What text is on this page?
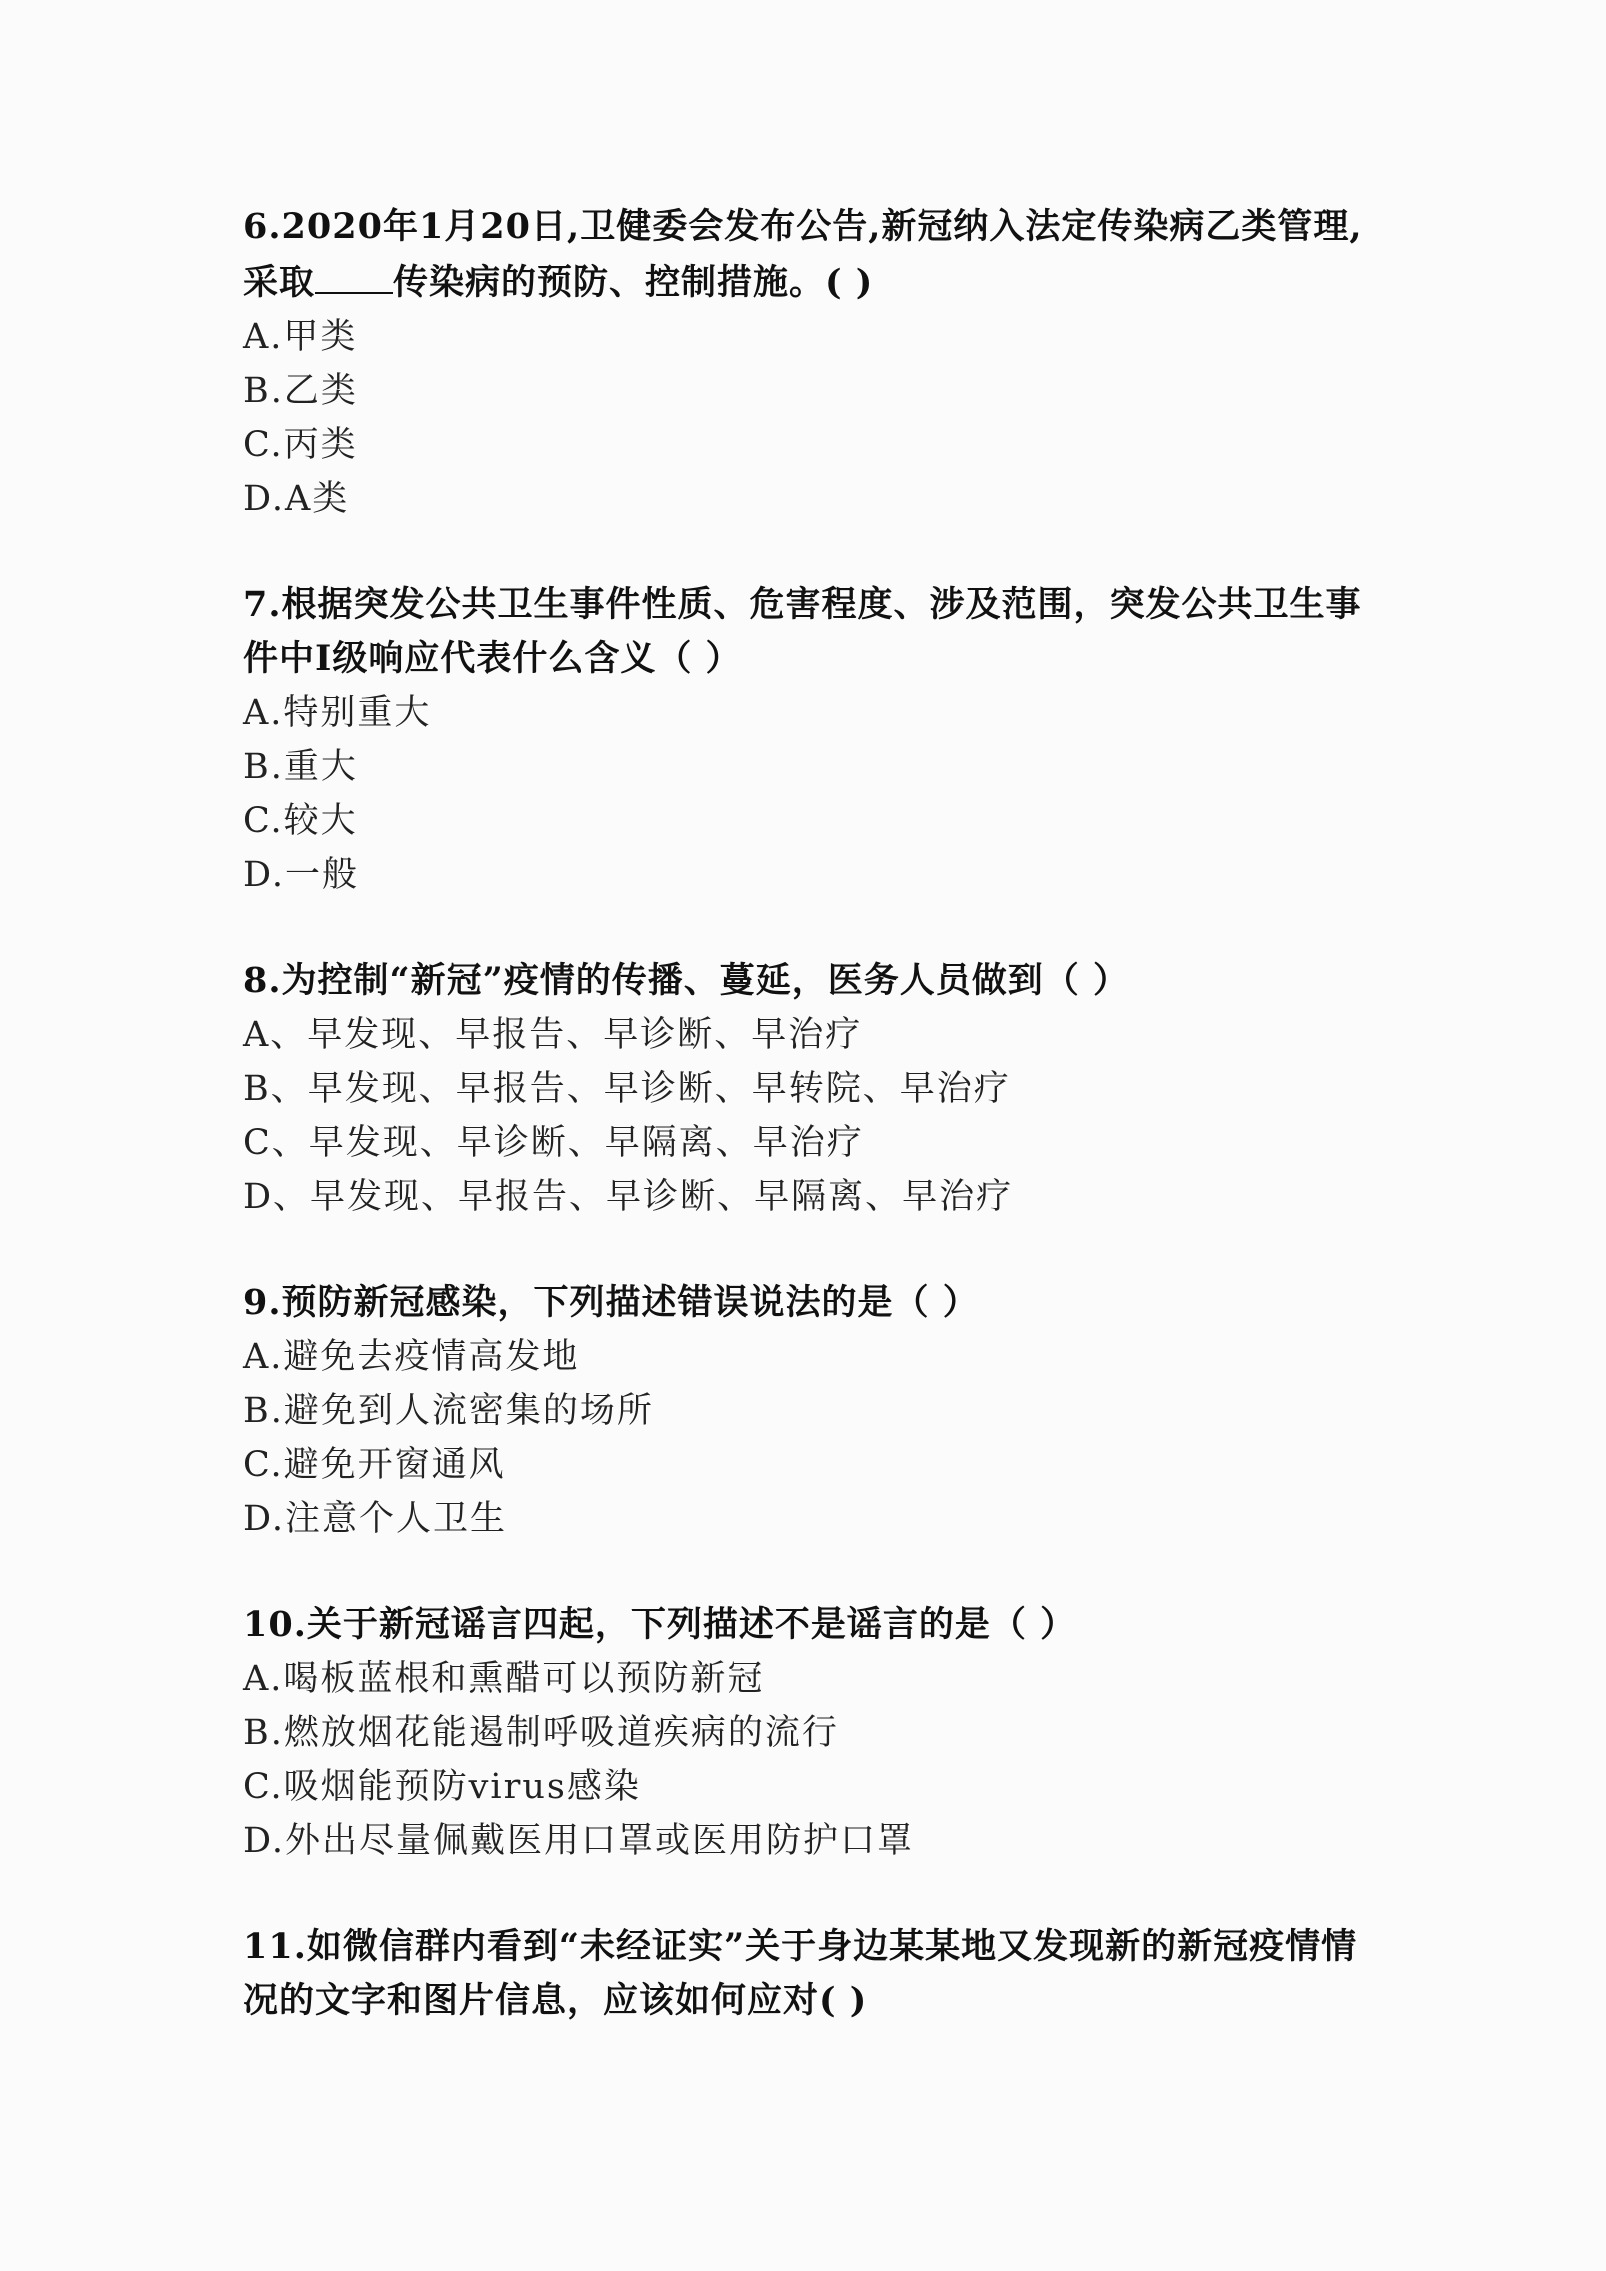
6.2020年1月20日,卫健委会发布公告,新冠纳入法定传染病乙类管理,采取 传染病的预防、控制措施。( )

A.甲类

B.乙类

C.丙类

D.A类

7.根据突发公共卫生事件性质、危害程度、涉及范围，突发公共卫生事件中Ⅰ级响应代表什么含义（ ）

A.特别重大

B.重大

C.较大

D.一般

8.为控制“新冠”疫情的传播、蔓延，医务人员做到（ ）

A、早发现、早报告、早诊断、早治疗

B、早发现、早报告、早诊断、早转院、早治疗

C、早发现、早诊断、早隔离、早治疗

D、早发现、早报告、早诊断、早隔离、早治疗

9.预防新冠感染，下列描述错误说法的是（ ）

A.避免去疫情高发地

B.避免到人流密集的场所

C.避免开窗通风

D.注意个人卫生

10.关于新冠谣言四起，下列描述不是谣言的是（ ）

A.喝板蓝根和熏醋可以预防新冠

B.燃放烟花能遏制呼吸道疾病的流行

C.吸烟能预防virus感染

D.外出尽量佩戴医用口罩或医用防护口罩

11.如微信群内看到“未经证实”关于身边某某地又发现新的新冠疫情情况的文字和图片信息，应该如何应对( )
